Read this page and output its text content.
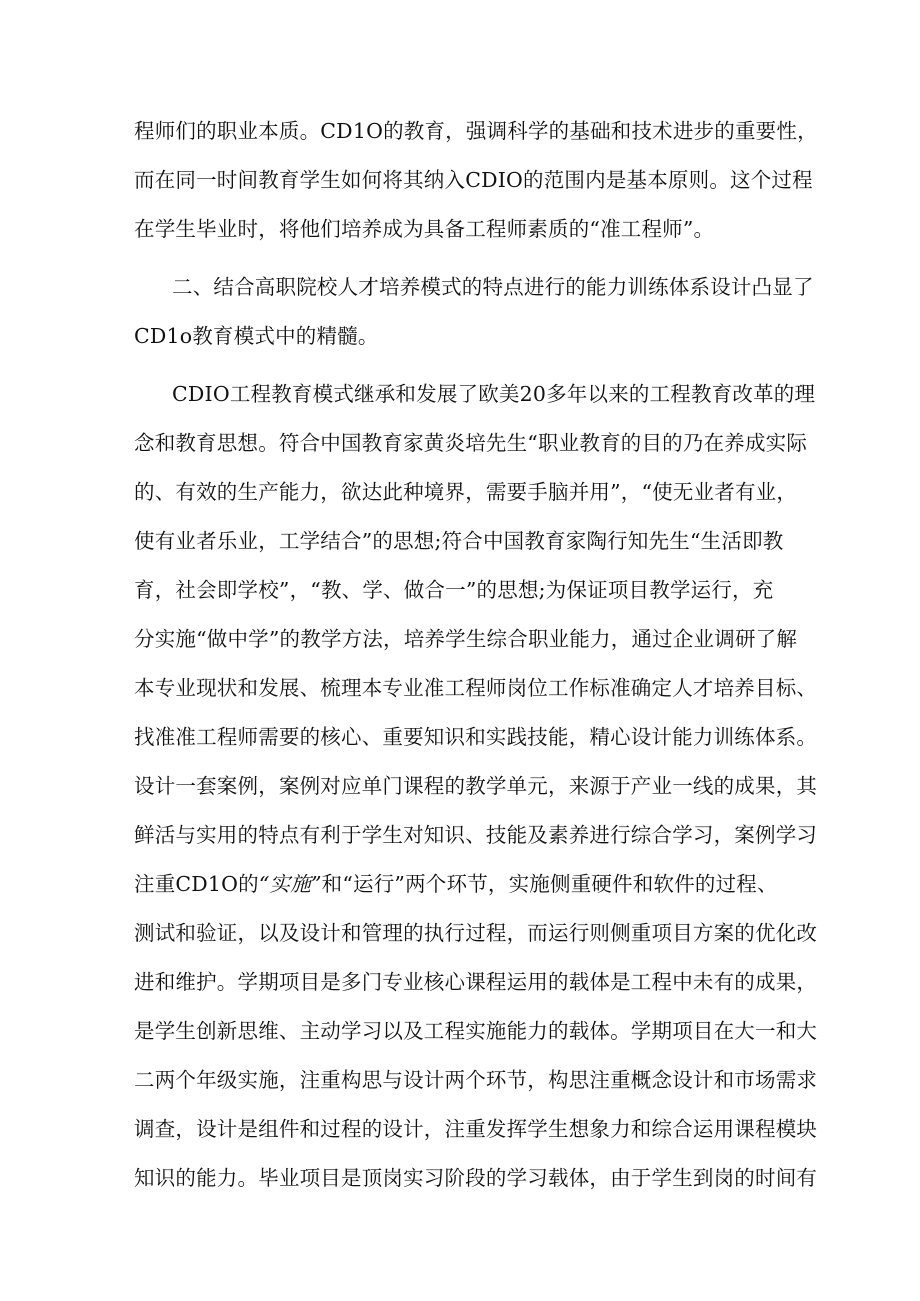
程师们的职业本质。CD1O的教育，强调科学的基础和技术进步的重要性，
而在同一时间教育学生如何将其纳入CDIO的范围内是基本原则。这个过程
在学生毕业时，将他们培养成为具备工程师素质的“准工程师”。
二、结合高职院校人才培养模式的特点进行的能力训练体系设计凸显了
CD1o教育模式中的精髓。
CDIO工程教育模式继承和发展了欧美20多年以来的工程教育改革的理
念和教育思想。符合中国教育家黄炎培先生“职业教育的目的乃在养成实际
的、有效的生产能力，欲达此种境界，需要手脑并用”，“使无业者有业，
使有业者乐业，工学结合”的思想;符合中国教育家陶行知先生“生活即教
育，社会即学校”，“教、学、做合一”的思想;为保证项目教学运行，充
分实施“做中学”的教学方法，培养学生综合职业能力，通过企业调研了解
本专业现状和发展、梳理本专业准工程师岗位工作标准确定人才培养目标、
找准准工程师需要的核心、重要知识和实践技能，精心设计能力训练体系。
设计一套案例，案例对应单门课程的教学单元，来源于产业一线的成果，其
鲜活与实用的特点有利于学生对知识、技能及素养进行综合学习，案例学习
注重CD1O的“实施”和“运行”两个环节，实施侧重硬件和软件的过程、
测试和验证，以及设计和管理的执行过程，而运行则侧重项目方案的优化改
进和维护。学期项目是多门专业核心课程运用的载体是工程中未有的成果，
是学生创新思维、主动学习以及工程实施能力的载体。学期项目在大一和大
二两个年级实施，注重构思与设计两个环节，构思注重概念设计和市场需求
调查，设计是组件和过程的设计，注重发挥学生想象力和综合运用课程模块
知识的能力。毕业项目是顶岗实习阶段的学习载体，由于学生到岗的时间有
